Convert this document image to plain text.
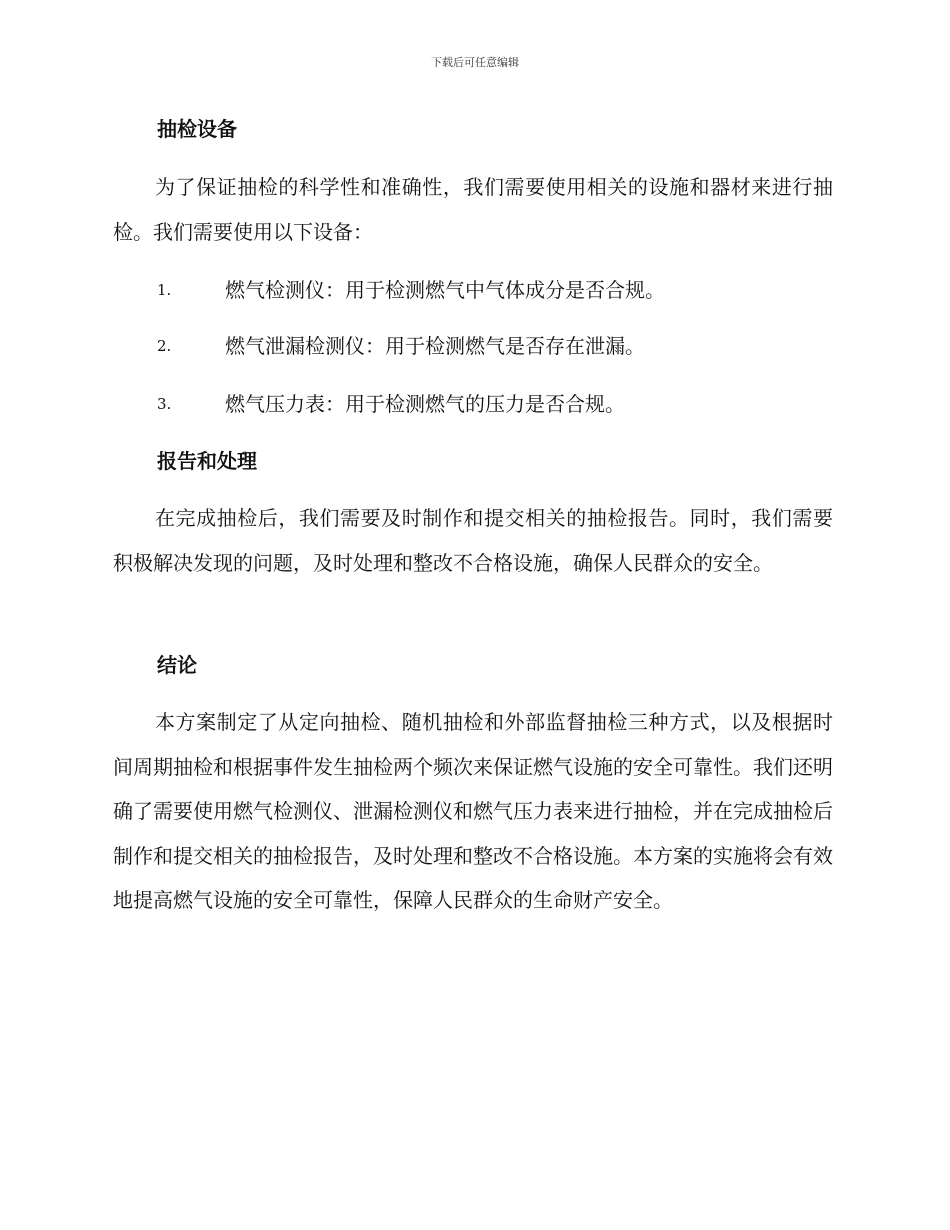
下载后可任意编辑
抽检设备

为了保证抽检的科学性和准确性，我们需要使用相关的设施和器材来进行抽检。我们需要使用以下设备：

1.	燃气检测仪：用于检测燃气中气体成分是否合规。
2.	燃气泄漏检测仪：用于检测燃气是否存在泄漏。
3.	燃气压力表：用于检测燃气的压力是否合规。
报告和处理

在完成抽检后，我们需要及时制作和提交相关的抽检报告。同时，我们需要积极解决发现的问题，及时处理和整改不合格设施，确保人民群众的安全。

结论

本方案制定了从定向抽检、随机抽检和外部监督抽检三种方式，以及根据时间周期抽检和根据事件发生抽检两个频次来保证燃气设施的安全可靠性。我们还明确了需要使用燃气检测仪、泄漏检测仪和燃气压力表来进行抽检，并在完成抽检后制作和提交相关的抽检报告，及时处理和整改不合格设施。本方案的实施将会有效地提高燃气设施的安全可靠性，保障人民群众的生命财产安全。
